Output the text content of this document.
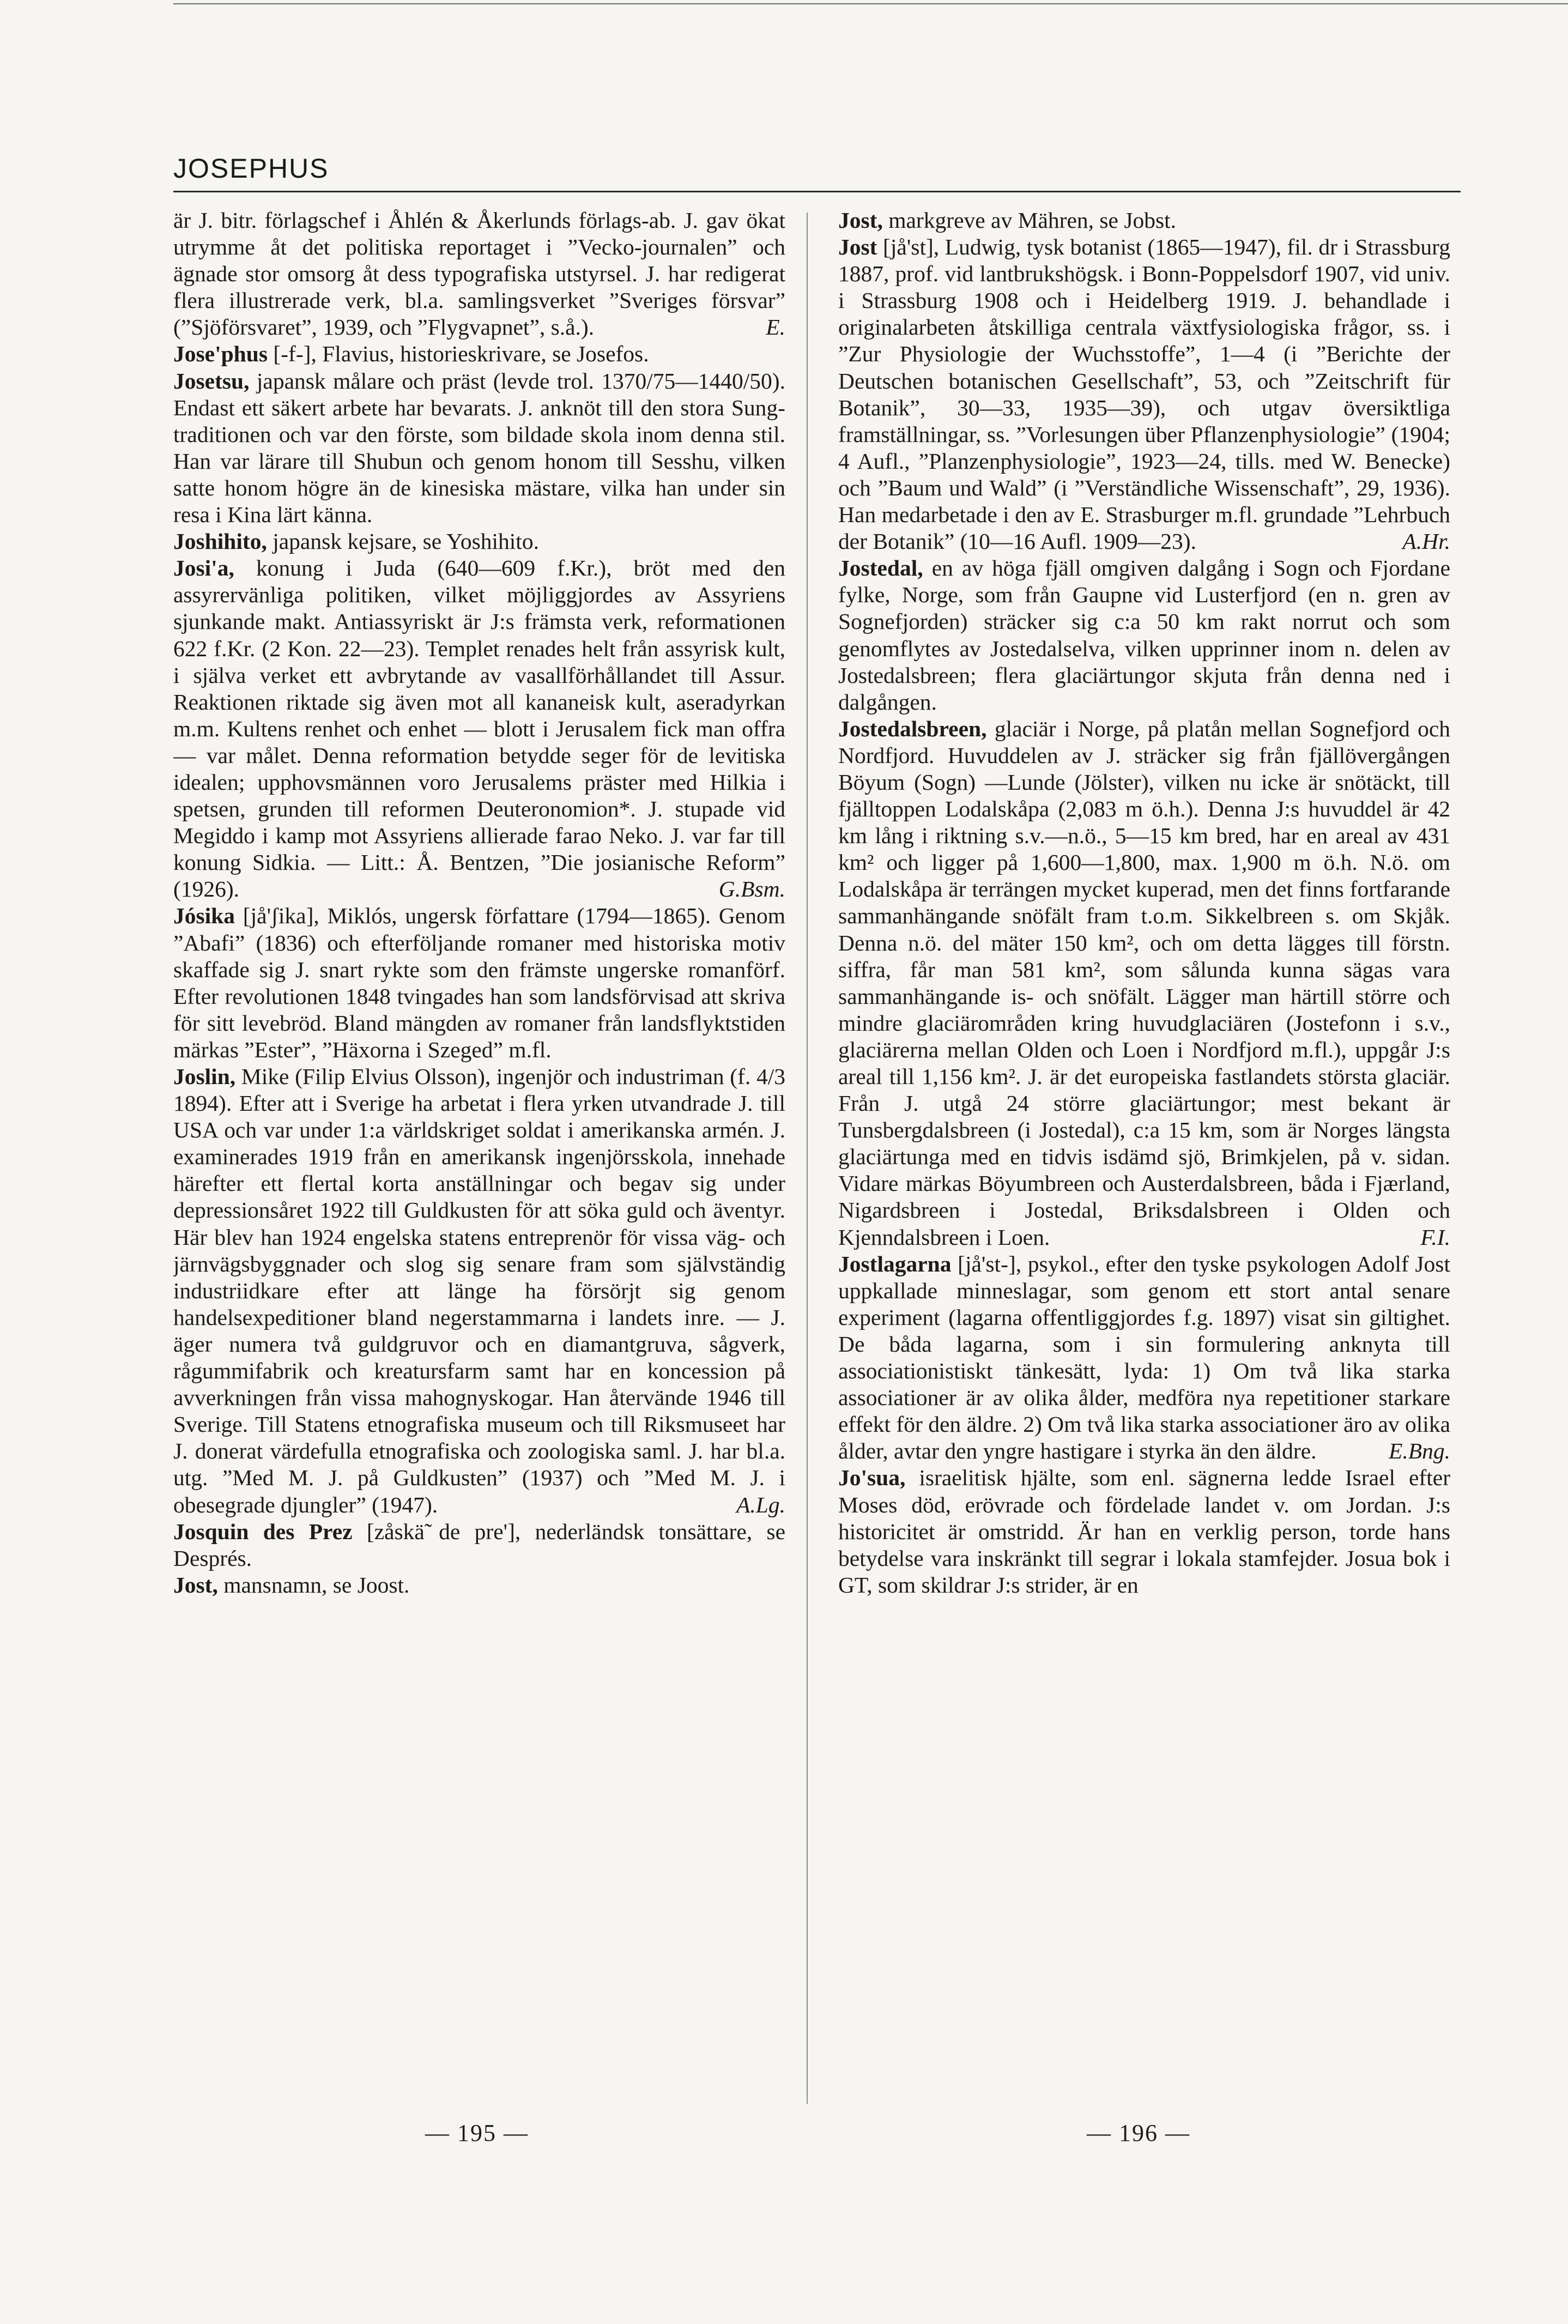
JOSEPHUS

är J. bitr. förlagschef i Åhlén & Åkerlunds förlags-ab. J. gav ökat utrymme åt det politiska reportaget i ”Vecko-journalen” och ägnade stor omsorg åt dess typografiska utstyrsel. J. har redigerat flera illustrerade verk, bl.a. samlingsverket ”Sveriges försvar” (”Sjöförsvaret”, 1939, och ”Flygvapnet”, s.å.).	E.

Jose'phus [-f-], Flavius, historieskrivare, se Josefos.

Josetsu, japansk målare och präst (levde trol. 1370/75—1440/50). Endast ett säkert arbete har bevarats. J. anknöt till den stora Sung-traditionen och var den förste, som bildade skola inom denna stil. Han var lärare till Shubun och genom honom till Sesshu, vilken satte honom högre än de kinesiska mästare, vilka han under sin resa i Kina lärt känna.

Joshihito, japansk kejsare, se Yoshihito.

Josi'a, konung i Juda (640—609 f.Kr.), bröt med den assyrervänliga politiken, vilket möjliggjordes av Assyriens sjunkande makt. Antiassyriskt är J:s främsta verk, reformationen 622 f.Kr. (2 Kon. 22—23). Templet renades helt från assyrisk kult, i själva verket ett avbrytande av vasallförhållandet till Assur. Reaktionen riktade sig även mot all kananeisk kult, aseradyrkan m.m. Kultens renhet och enhet — blott i Jerusalem fick man offra — var målet. Denna reformation betydde seger för de levitiska idealen; upphovsmännen voro Jerusalems präster med Hilkia i spetsen, grunden till reformen Deuteronomion*. J. stupade vid Megiddo i kamp mot Assyriens allierade farao Neko. J. var far till konung Sidkia. — Litt.: Å. Bentzen, ”Die josianische Reform” (1926).	G.Bsm.

Jósika [jå'ʃika], Miklós, ungersk författare (1794—1865). Genom ”Abafi” (1836) och efterföljande romaner med historiska motiv skaffade sig J. snart rykte som den främste ungerske romanförf. Efter revolutionen 1848 tvingades han som landsförvisad att skriva för sitt levebröd. Bland mängden av romaner från landsflyktstiden märkas ”Ester”, ”Häxorna i Szeged” m.fl.

Joslin, Mike (Filip Elvius Olsson), ingenjör och industriman (f. 4/3 1894). Efter att i Sverige ha arbetat i flera yrken utvandrade J. till USA och var under 1:a världskriget soldat i amerikanska armén. J. examinerades 1919 från en amerikansk ingenjörsskola, innehade härefter ett flertal korta anställningar och begav sig under depressionsåret 1922 till Guldkusten för att söka guld och äventyr. Här blev han 1924 engelska statens entreprenör för vissa väg- och järnvägsbyggnader och slog sig senare fram som självständig industriidkare efter att länge ha försörjt sig genom handelsexpeditioner bland negerstammarna i landets inre. — J. äger numera två guldgruvor och en diamantgruva, sågverk, rågummifabrik och kreatursfarm samt har en koncession på avverkningen från vissa mahognyskogar. Han återvände 1946 till Sverige. Till Statens etnografiska museum och till Riksmuseet har J. donerat värdefulla etnografiska och zoologiska saml. J. har bl.a. utg. ”Med M. J. på Guldkusten” (1937) och ”Med M. J. i obesegrade djungler” (1947).	A.Lg.

Josquin des Prez [zåskä̃ de pre'], nederländsk tonsättare, se Després.

Jost, mansnamn, se Joost.

Jost, markgreve av Mähren, se Jobst.

Jost [jå'st], Ludwig, tysk botanist (1865—1947), fil. dr i Strassburg 1887, prof. vid lantbrukshögsk. i Bonn-Poppelsdorf 1907, vid univ. i Strassburg 1908 och i Heidelberg 1919. J. behandlade i originalarbeten åtskilliga centrala växtfysiologiska frågor, ss. i ”Zur Physiologie der Wuchsstoffe”, 1—4 (i ”Berichte der Deutschen botanischen Gesellschaft”, 53, och ”Zeitschrift für Botanik”, 30—33, 1935—39), och utgav översiktliga framställningar, ss. ”Vorlesungen über Pflanzenphysiologie” (1904; 4 Aufl., ”Planzenphysiologie”, 1923—24, tills. med W. Benecke) och ”Baum und Wald” (i ”Verständliche Wissenschaft”, 29, 1936). Han medarbetade i den av E. Strasburger m.fl. grundade ”Lehrbuch der Botanik” (10—16 Aufl. 1909—23).	A.Hr.

Jostedal, en av höga fjäll omgiven dalgång i Sogn och Fjordane fylke, Norge, som från Gaupne vid Lusterfjord (en n. gren av Sognefjorden) sträcker sig c:a 50 km rakt norrut och som genomflytes av Jostedalselva, vilken upprinner inom n. delen av Jostedalsbreen; flera glaciärtungor skjuta från denna ned i dalgången.

Jostedalsbreen, glaciär i Norge, på platån mellan Sognefjord och Nordfjord. Huvuddelen av J. sträcker sig från fjällövergången Böyum (Sogn) —Lunde (Jölster), vilken nu icke är snötäckt, till fjälltoppen Lodalskåpa (2,083 m ö.h.). Denna J:s huvuddel är 42 km lång i riktning s.v.—n.ö., 5—15 km bred, har en areal av 431 km² och ligger på 1,600—1,800, max. 1,900 m ö.h. N.ö. om Lodalskåpa är terrängen mycket kuperad, men det finns fortfarande sammanhängande snöfält fram t.o.m. Sikkelbreen s. om Skjåk. Denna n.ö. del mäter 150 km², och om detta lägges till förstn. siffra, får man 581 km², som sålunda kunna sägas vara sammanhängande is- och snöfält. Lägger man härtill större och mindre glaciärområden kring huvudglaciären (Jostefonn i s.v., glaciärerna mellan Olden och Loen i Nordfjord m.fl.), uppgår J:s areal till 1,156 km². J. är det europeiska fastlandets största glaciär. Från J. utgå 24 större glaciärtungor; mest bekant är Tunsbergdalsbreen (i Jostedal), c:a 15 km, som är Norges längsta glaciärtunga med en tidvis isdämd sjö, Brimkjelen, på v. sidan. Vidare märkas Böyumbreen och Austerdalsbreen, båda i Fjærland, Nigardsbreen i Jostedal, Briksdalsbreen i Olden och Kjenndalsbreen i Loen.	F.I.

Jostlagarna [jå'st-], psykol., efter den tyske psykologen Adolf Jost uppkallade minneslagar, som genom ett stort antal senare experiment (lagarna offentliggjordes f.g. 1897) visat sin giltighet. De båda lagarna, som i sin formulering anknyta till associationistiskt tänkesätt, lyda: 1) Om två lika starka associationer är av olika ålder, medföra nya repetitioner starkare effekt för den äldre. 2) Om två lika starka associationer äro av olika ålder, avtar den yngre hastigare i styrka än den äldre.	E.Bng.

Jo'sua, israelitisk hjälte, som enl. sägnerna ledde Israel efter Moses död, erövrade och fördelade landet v. om Jordan. J:s historicitet är omstridd. Är han en verklig person, torde hans betydelse vara inskränkt till segrar i lokala stamfejder. Josua bok i GT, som skildrar J:s strider, är en

— 195 —	— 196 —
